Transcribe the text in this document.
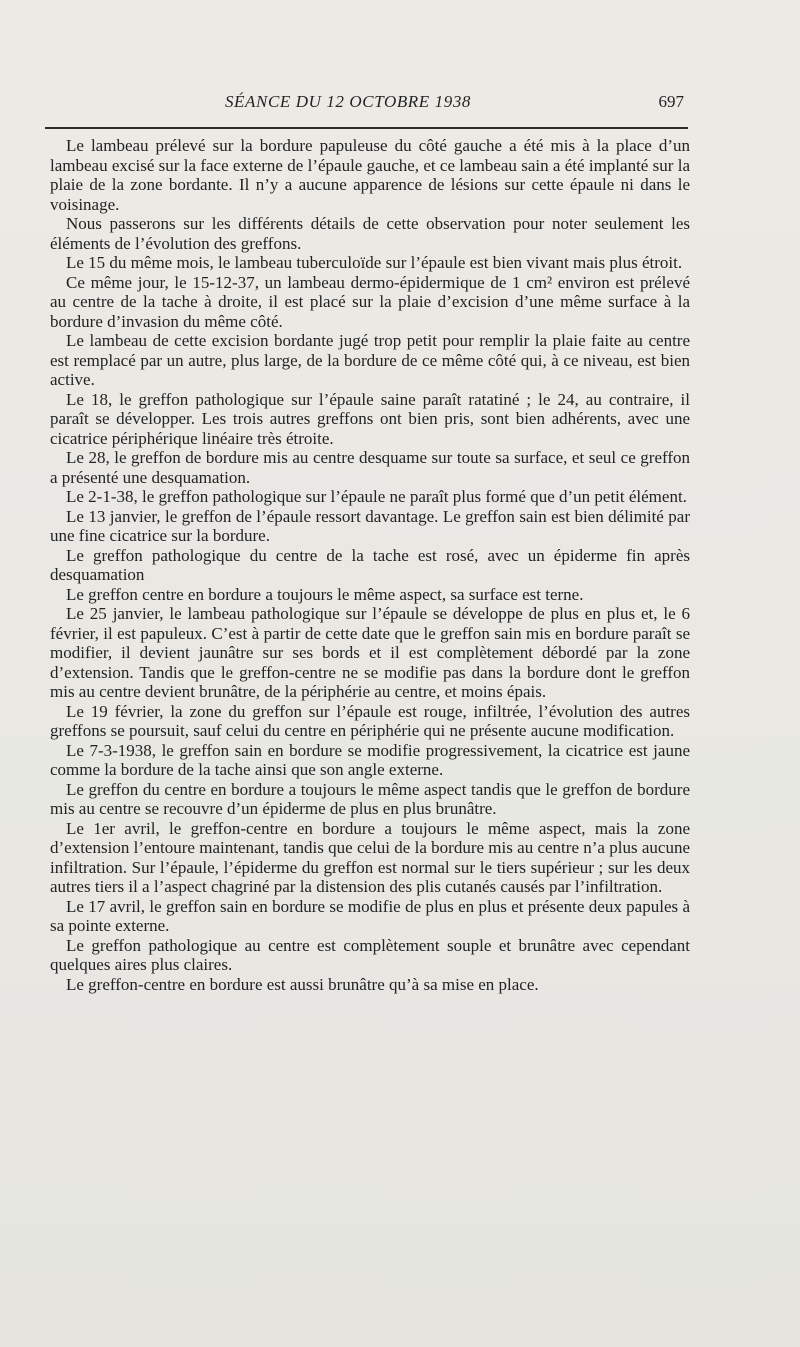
SÉANCE DU 12 OCTOBRE 1938	697

Le lambeau prélevé sur la bordure papuleuse du côté gauche a été mis à la place d’un lambeau excisé sur la face externe de l’épaule gauche, et ce lambeau sain a été implanté sur la plaie de la zone bordante. Il n’y a aucune apparence de lésions sur cette épaule ni dans le voisinage.

Nous passerons sur les différents détails de cette observation pour noter seulement les éléments de l’évolution des greffons.

Le 15 du même mois, le lambeau tuberculoïde sur l’épaule est bien vivant mais plus étroit.

Ce même jour, le 15-12-37, un lambeau dermo-épidermique de 1 cm² environ est prélevé au centre de la tache à droite, il est placé sur la plaie d’excision d’une même surface à la bordure d’invasion du même côté.

Le lambeau de cette excision bordante jugé trop petit pour remplir la plaie faite au centre est remplacé par un autre, plus large, de la bordure de ce même côté qui, à ce niveau, est bien active.

Le 18, le greffon pathologique sur l’épaule saine paraît ratatiné ; le 24, au contraire, il paraît se développer. Les trois autres greffons ont bien pris, sont bien adhérents, avec une cicatrice périphérique linéaire très étroite.

Le 28, le greffon de bordure mis au centre desquame sur toute sa surface, et seul ce greffon a présenté une desquamation.

Le 2-1-38, le greffon pathologique sur l’épaule ne paraît plus formé que d’un petit élément.

Le 13 janvier, le greffon de l’épaule ressort davantage. Le greffon sain est bien délimité par une fine cicatrice sur la bordure.

Le greffon pathologique du centre de la tache est rosé, avec un épiderme fin après desquamation

Le greffon centre en bordure a toujours le même aspect, sa surface est terne.

Le 25 janvier, le lambeau pathologique sur l’épaule se développe de plus en plus et, le 6 février, il est papuleux. C’est à partir de cette date que le greffon sain mis en bordure paraît se modifier, il devient jaunâtre sur ses bords et il est complètement débordé par la zone d’extension. Tandis que le greffon-centre ne se modifie pas dans la bordure dont le greffon mis au centre devient brunâtre, de la périphérie au centre, et moins épais.

Le 19 février, la zone du greffon sur l’épaule est rouge, infiltrée, l’évolution des autres greffons se poursuit, sauf celui du centre en périphérie qui ne présente aucune modification.

Le 7-3-1938, le greffon sain en bordure se modifie progressivement, la cicatrice est jaune comme la bordure de la tache ainsi que son angle externe.

Le greffon du centre en bordure a toujours le même aspect tandis que le greffon de bordure mis au centre se recouvre d’un épiderme de plus en plus brunâtre.

Le 1er avril, le greffon-centre en bordure a toujours le même aspect, mais la zone d’extension l’entoure maintenant, tandis que celui de la bordure mis au centre n’a plus aucune infiltration. Sur l’épaule, l’épiderme du greffon est normal sur le tiers supérieur ; sur les deux autres tiers il a l’aspect chagriné par la distension des plis cutanés causés par l’infiltration.

Le 17 avril, le greffon sain en bordure se modifie de plus en plus et présente deux papules à sa pointe externe.

Le greffon pathologique au centre est complètement souple et brunâtre avec cependant quelques aires plus claires.

Le greffon-centre en bordure est aussi brunâtre qu’à sa mise en place.
